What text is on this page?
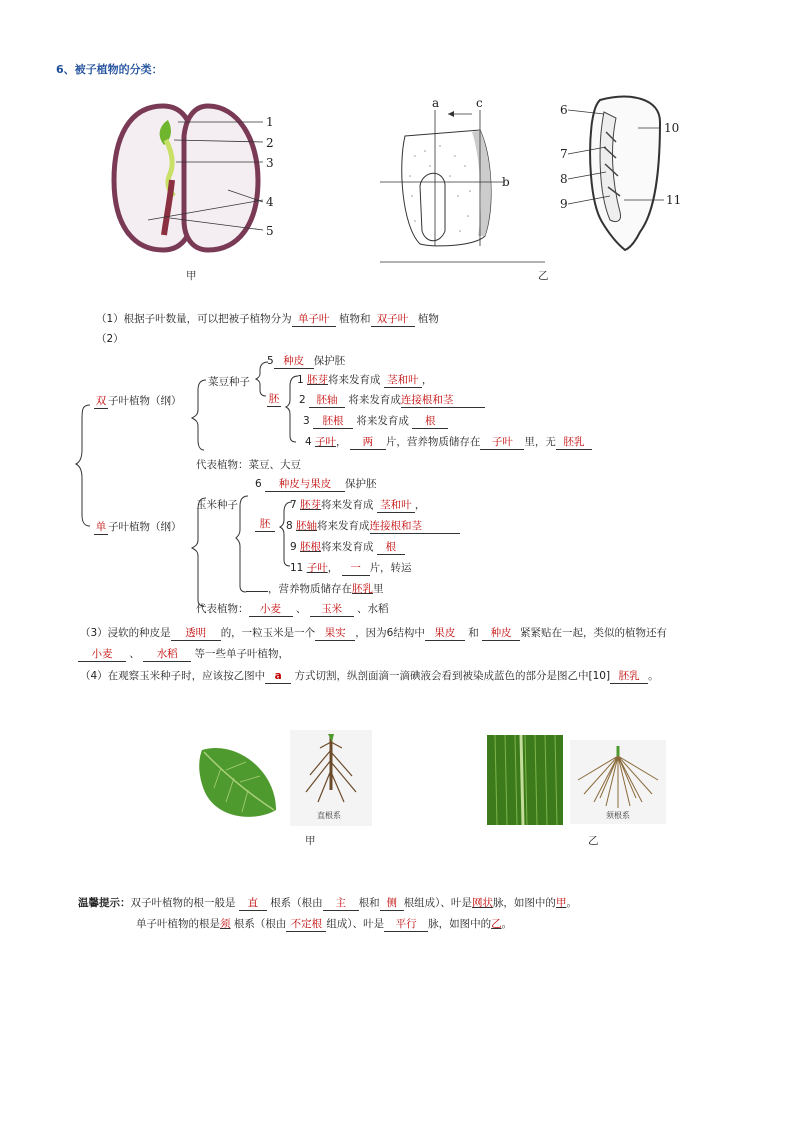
6、被子植物的分类：
1
2
3
4
5
甲
a	c
b
乙
6
7
8
9
10
11
（1）根据子叶数量，可以把被子植物分为 单子叶 植物和 双子叶 植物
（2）
双 子叶植物（纲）
菜豆种子
5 种皮 保护胚
胚
1 胚芽将来发育成 茎和叶 ，
2 胚轴 将来发育成连接根和茎
3 胚根 将来发育成 根
4 子叶， 两 片，营养物质储存在 子叶 里，无 胚乳
代表植物：菜豆、大豆
单 子叶植物（纲）
玉米种子
6 种皮与果皮 保护胚
胚
7 胚芽将来发育成 茎和叶 ，
8 胚轴将来发育成连接根和茎
9 胚根将来发育成 根
11 子叶， 一 片，转运
，营养物质储存在胚乳里
代表植物： 小麦 、 玉米 、水稻
（3）浸软的种皮是 透明 的，一粒玉米是一个 果实 ，因为6结构中 果皮 和 种皮 紧紧贴在一起，类似的植物还有
小麦 、 水稻 等一些单子叶植物，
（4）在观察玉米种子时，应该按乙图中 a 方式切割，纵剖面滴一滴碘液会看到被染成蓝色的部分是图乙中[10] 胚乳 。
直根系	须根系
甲	乙
温馨提示：双子叶植物的根一般是 直 根系（根由 主 根和 侧 根组成）、叶是网状脉，如图中的甲。
单子叶植物的根是须 根系（根由 不定根 组成）、叶是 平行 脉，如图中的乙。
